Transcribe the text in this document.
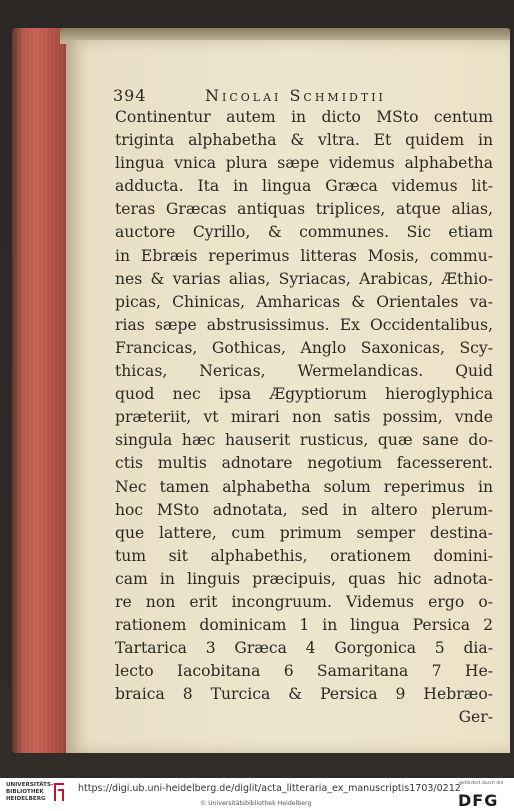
394	Nicolai Schmidtii
Continentur autem in dicto MSto centum
triginta alphabetha & vltra. Et quidem in
lingua vnica plura sæpe videmus alphabetha
adducta. Ita in lingua Græca videmus lit-
teras Græcas antiquas triplices, atque alias,
auctore Cyrillo, & communes. Sic etiam
in Ebræis reperimus litteras Mosis, commu-
nes & varias alias, Syriacas, Arabicas, Æthio-
picas, Chinicas, Amharicas & Orientales va-
rias sæpe abstrusissimus. Ex Occidentalibus,
Francicas, Gothicas, Anglo Saxonicas, Scy-
thicas, Nericas, Wermelandicas. Quid
quod nec ipsa Ægyptiorum hieroglyphica
præteriit, vt mirari non satis possim, vnde
singula hæc hauserit rusticus, quæ sane do-
ctis multis adnotare negotium facesserent.
Nec tamen alphabetha solum reperimus in
hoc MSto adnotata, sed in altero plerum-
que lattere, cum primum semper destina-
tum sit alphabethis, orationem domini-
cam in linguis præcipuis, quas hic adnota-
re non erit incongruum. Videmus ergo o-
rationem dominicam 1 in lingua Persica 2
Tartarica 3 Græca 4 Gorgonica 5 dia-
lecto Iacobitana 6 Samaritana 7 He-
braica 8 Turcica & Persica 9 Hebræo-
Ger-
UNIVERSITÄTS-
BIBLIOTHEK
HEIDELBERG
https://digi.ub.uni-heidelberg.de/diglit/acta_litteraria_ex_manuscriptis1703/0212
© Universitätsbibliothek Heidelberg
gefördert durch die
DFG
